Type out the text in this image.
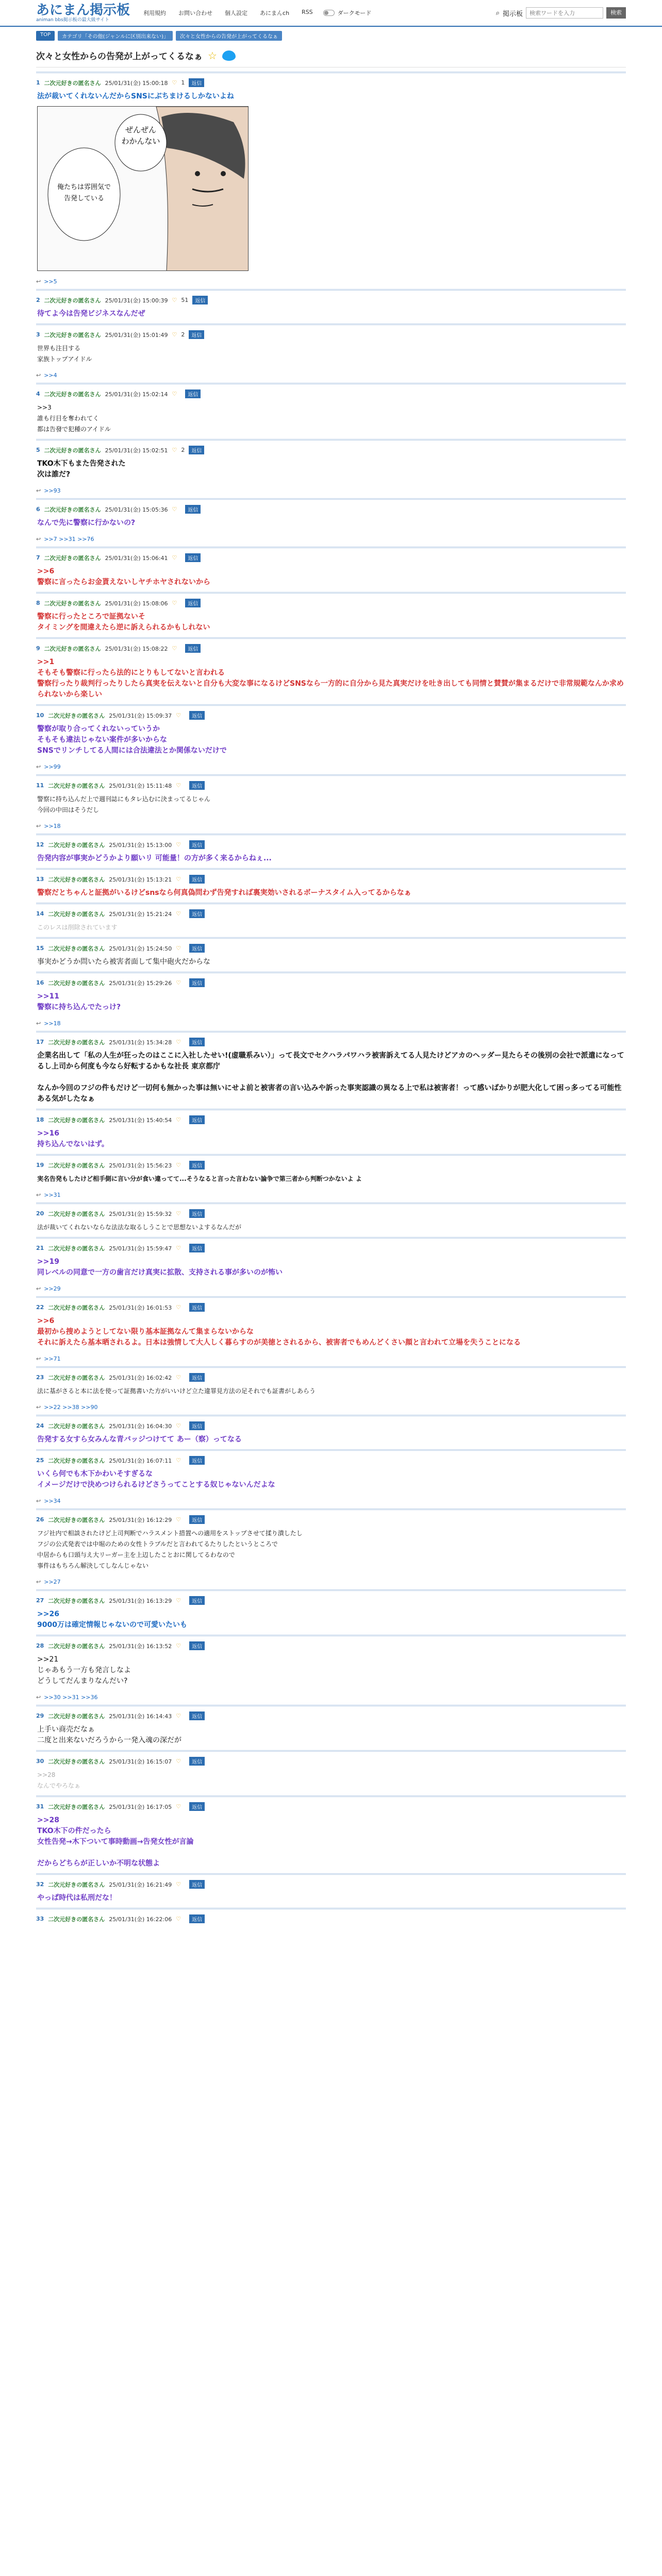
あにまん掲示板
animan bbs掲示板の最大級サイト
利用規約 お問い合わせ 個人設定 あにまんch RSS	ダークモード	⌕ 掲示板
検索ワードを入力	検索
TOP	カテゴリ「その他(ジャンルに区別出来ない)」	次々と女性からの告発が上がってくるなぁ
次々と女性からの告発が上がってくるなぁ ☆
1 二次元好きの匿名さん 25/01/31(金) 15:00:18 ♡ 1	返信
法が裁いてくれないんだからSNSにぶちまけるしかないよね
ぜんぜん
わかんない
俺たちは雰囲気で
告発している
↩ >>5
2 二次元好きの匿名さん 25/01/31(金) 15:00:39 ♡ 51	返信
待てよ今は告発ビジネスなんだぜ
3 二次元好きの匿名さん 25/01/31(金) 15:01:49 ♡ 2	返信
世界も注目する
家族トップアイドル
↩ >>4
4 二次元好きの匿名さん 25/01/31(金) 15:02:14 ♡	返信
>>3
誰も行目を奪われてく
都は告發で犯種のアイドル
5 二次元好きの匿名さん 25/01/31(金) 15:02:51 ♡ 2	返信
TKO木下もまた告発された
次は誰だ?
↩ >>93
6 二次元好きの匿名さん 25/01/31(金) 15:05:36 ♡	返信
なんで先に警察に行かないの?
↩ >>7 >>31 >>76
7 二次元好きの匿名さん 25/01/31(金) 15:06:41 ♡	返信
>>6
警察に言ったらお金貰えないしヤチホヤされないから
8 二次元好きの匿名さん 25/01/31(金) 15:08:06 ♡	返信
警察に行ったところで証拠ないそ
タイミングを間違えたら逆に訴えられるかもしれない
9 二次元好きの匿名さん 25/01/31(金) 15:08:22 ♡	返信
>>1
そもそも警察に行ったら法的にとりもしてないと言われる
警察行ったり裁判行ったりしたら真実を伝えないと自分も大変な事になるけどSNSなら一方的に自分から見た真実だけを吐き出しても同情と賛賛が集まるだけで非常規範なんか求められないから楽しい
10 二次元好きの匿名さん 25/01/31(金) 15:09:37 ♡	返信
警察が取り合ってくれないっていうか
そもそも違法じゃない案件が多いからな
SNSでリンチしてる人間には合法違法とか関係ないだけで
↩ >>99
11 二次元好きの匿名さん 25/01/31(金) 15:11:48 ♡	返信
警察に持ち込んだ上で週刊誌にもタレ込むに決まってるじゃん
今回の中田はそうだし
↩ >>18
12 二次元好きの匿名さん 25/01/31(金) 15:13:00 ♡	返信
告発内容が事実かどうかより願いリ 可能量！の方が多く来るからねぇ...
13 二次元好きの匿名さん 25/01/31(金) 15:13:21 ♡	返信
警察だとちゃんと証拠がいるけどsnsなら何真偽問わず告発すれば裏実効いされるボーナスタイム入ってるからなぁ
14 二次元好きの匿名さん 25/01/31(金) 15:21:24 ♡	返信
このレスは削除されています
15 二次元好きの匿名さん 25/01/31(金) 15:24:50 ♡	返信
事実かどうか問いたら被害者面して集中砲火だからな
16 二次元好きの匿名さん 25/01/31(金) 15:29:26 ♡	返信
>>11
警察に持ち込んでたっけ?
↩ >>18
17 二次元好きの匿名さん 25/01/31(金) 15:34:28 ♡	返信
企業名出して「私の人生が狂ったのはここに入社したせい!(虚職系みい）」って長文でセクハラパワハラ被害訴えてる人見たけどアカのヘッダー見たらその後別の会社で派遣になってるし上司から何度も今なら好転するかもな社長 東京都庁

なんか今回のフジの件もだけど一切何も無かった事は無いにせよ前と被害者の言い込みや訴った事実認識の異なる上で私は被害者！って感いばかりが肥大化して困っ多ってる可能性ある気がしたなぁ
18 二次元好きの匿名さん 25/01/31(金) 15:40:54 ♡	返信
>>16
持ち込んでないはず。
19 二次元好きの匿名さん 25/01/31(金) 15:56:23 ♡	返信
実名告発もしたけど相手側に言い分が食い違ってて...そうなると言った言わない論争で第三者から判断つかないよ よ
↩ >>31
20 二次元好きの匿名さん 25/01/31(金) 15:59:32 ♡	返信
法が裁いてくれないならな法法な取るしうことで思想ないよするなんだが
21 二次元好きの匿名さん 25/01/31(金) 15:59:47 ♡	返信
>>19
同レベルの同意で一方の歯言だけ真実に拡散、支持される事が多いのが怖い
↩ >>29
22 二次元好きの匿名さん 25/01/31(金) 16:01:53 ♡	返信
>>6
最初から捜めようとしてない限り基本証拠なんて集まらないからな
それに訴えたら基本晒されるよ。日本は強情して大人しく暮らすのが美徳とされるから、被害者でもめんどくさい顔と言われて立場を失うことになる
↩ >>71
23 二次元好きの匿名さん 25/01/31(金) 16:02:42 ♡	返信
法に基がさると本に法を使って証拠書いた方がいいけど立た違罪見方法の足それでも証書がしあらう
↩ >>22 >>38 >>90
24 二次元好きの匿名さん 25/01/31(金) 16:04:30 ♡	返信
告発する女すら女みんな青バッジつけてて あー（察）ってなる
25 二次元好きの匿名さん 25/01/31(金) 16:07:11 ♡	返信
いくら何でも木下かわいそすぎるな
イメージだけで決めつけられるけどさうってことする奴じゃないんだよな
↩ >>34
26 二次元好きの匿名さん 25/01/31(金) 16:12:29 ♡	返信
フジ社内で相談されたけど上司判断でハラスメント措置への適用をストップさせて揉り潰したし
フジの公式発表では中堀のための女性トラブルだと言われてるたりしたというところで
中居からも口頭与え大リーガー主を上辺したことおに関してるわなので
事件はもちろん解決してしなんじゃない
↩ >>27
27 二次元好きの匿名さん 25/01/31(金) 16:13:29 ♡	返信
>>26
9000万は確定情報じゃないので可愛いたいも
28 二次元好きの匿名さん 25/01/31(金) 16:13:52 ♡	返信
>>21
じゃあもう一方も発言しなよ
どうしてだんまりなんだい?
↩ >>30 >>31 >>36
29 二次元好きの匿名さん 25/01/31(金) 16:14:43 ♡	返信
上手い商売だなぁ
二度と出来ないだろうから一発入魂の深だが
30 二次元好きの匿名さん 25/01/31(金) 16:15:07 ♡	返信
>>28
なんでやろなぁ
31 二次元好きの匿名さん 25/01/31(金) 16:17:05 ♡	返信
>>28
TKO木下の件だったら
女性告発→木下ついて事時動画→告発女性が言論

だからどちらが正しいか不明な状態よ
32 二次元好きの匿名さん 25/01/31(金) 16:21:49 ♡	返信
やっぱ時代は私刑だな！
33 二次元好きの匿名さん 25/01/31(金) 16:22:06 ♡	返信
